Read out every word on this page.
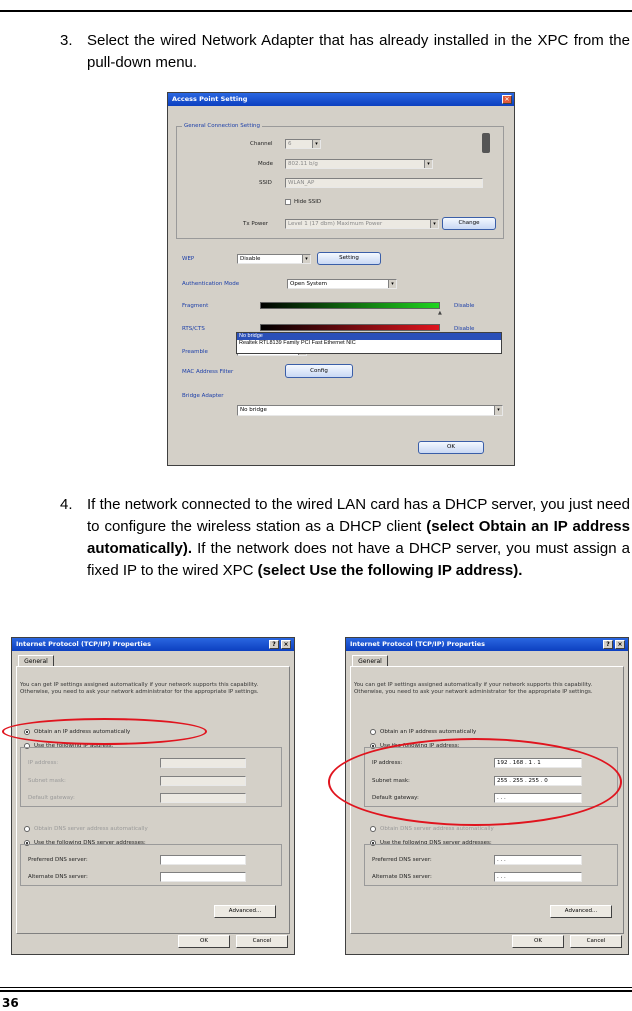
3. Select the wired Network Adapter that has already installed in the XPC from the pull-down menu.
Access Point Setting	✕
General Connection Setting
Channel	6	▾
Mode	802.11 b/g	▾
SSID	WLAN_AP
Hide SSID
Tx Power	Level 1 (17 dbm) Maximum Power	▾	Change
WEP	Disable	▾	Setting
Authentication Mode	Open System	▾
Fragment
▲
Disable
RTS/CTS	Disable
Preamble
MAC Address Filter	Config
Bridge Adapter
No bridge	▾
OK
No bridge
Realtek RTL8139 Family PCI Fast Ethernet NIC
4. If the network connected to the wired LAN card has a DHCP server, you just need to configure the wireless station as a DHCP client (select Obtain an IP address automatically). If the network does not have a DHCP server, you must assign a fixed IP to the wired XPC (select Use the following IP address).
Internet Protocol (TCP/IP) Properties	?	×
General
You can get IP settings assigned automatically if your network supports this capability. Otherwise, you need to ask your network administrator for the appropriate IP settings.
Obtain an IP address automatically
Use the following IP address:
IP address:
Subnet mask:
Default gateway:
Obtain DNS server address automatically
Use the following DNS server addresses:
Preferred DNS server:
Alternate DNS server:
Advanced...
OK	Cancel
Internet Protocol (TCP/IP) Properties	?	×
General
You can get IP settings assigned automatically if your network supports this capability. Otherwise, you need to ask your network administrator for the appropriate IP settings.
Obtain an IP address automatically
Use the following IP address:
IP address:	192 . 168 . 1 . 1
Subnet mask:	255 . 255 . 255 . 0
Default gateway:	. . .
Obtain DNS server address automatically
Use the following DNS server addresses:
Preferred DNS server:	. . .
Alternate DNS server:	. . .
Advanced...
OK	Cancel
36
